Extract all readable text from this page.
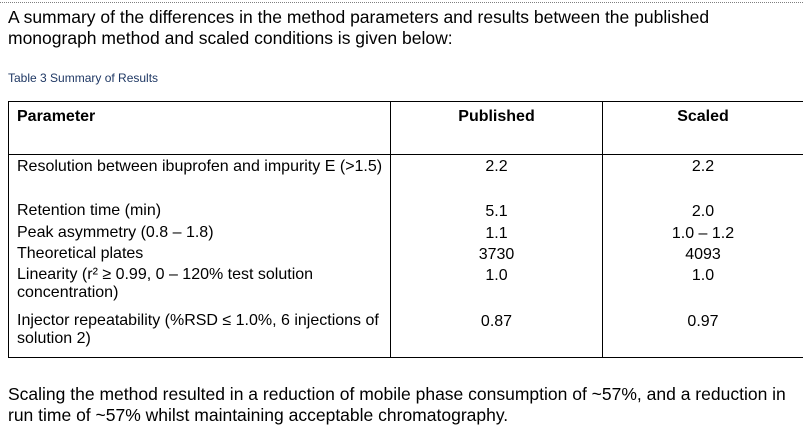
A summary of the differences in the method parameters and results between the published monograph method and scaled conditions is given below:
Table 3 Summary of Results
Parameter	Published	Scaled
Resolution between ibuprofen and impurity E (>1.5)	2.2	2.2
Retention time (min)	5.1	2.0
Peak asymmetry (0.8 – 1.8)	1.1	1.0 – 1.2
Theoretical plates	3730	4093
Linearity (r² ≥ 0.99, 0 – 120% test solution concentration)	1.0	1.0
Injector repeatability (%RSD ≤ 1.0%, 6 injections of solution 2)	0.87	0.97
Scaling the method resulted in a reduction of mobile phase consumption of ~57%, and a reduction in run time of ~57% whilst maintaining acceptable chromatography.
